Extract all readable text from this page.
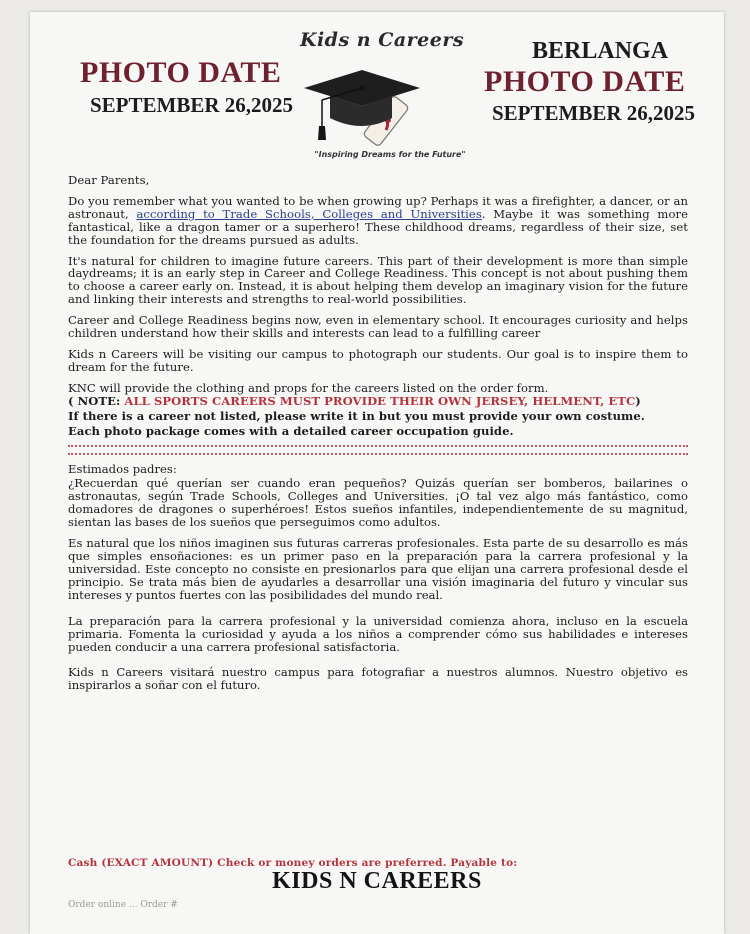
Kids n Careers
PHOTO DATE
SEPTEMBER 26,2025
BERLANGA
PHOTO DATE
SEPTEMBER 26,2025
"Inspiring Dreams for the Future"

Dear Parents,

Do you remember what you wanted to be when growing up? Perhaps it was a firefighter, a dancer, or an astronaut, according to Trade Schools, Colleges and Universities. Maybe it was something more fantastical, like a dragon tamer or a superhero! These childhood dreams, regardless of their size, set the foundation for the dreams pursued as adults.

It's natural for children to imagine future careers. This part of their development is more than simple daydreams; it is an early step in Career and College Readiness. This concept is not about pushing them to choose a career early on. Instead, it is about helping them develop an imaginary vision for the future and linking their interests and strengths to real-world possibilities.

Career and College Readiness begins now, even in elementary school. It encourages curiosity and helps children understand how their skills and interests can lead to a fulfilling career

Kids n Careers will be visiting our campus to photograph our students. Our goal is to inspire them to dream for the future.

KNC will provide the clothing and props for the careers listed on the order form.
( NOTE: ALL SPORTS CAREERS MUST PROVIDE THEIR OWN JERSEY, HELMENT, ETC)

If there is a career not listed, please write it in but you must provide your own costume.

Each photo package comes with a detailed career occupation guide.

Estimados padres:

¿Recuerdan qué querían ser cuando eran pequeños? Quizás querían ser bomberos, bailarines o astronautas, según Trade Schools, Colleges and Universities. ¡O tal vez algo más fantástico, como domadores de dragones o superhéroes! Estos sueños infantiles, independientemente de su magnitud, sientan las bases de los sueños que perseguimos como adultos.

Es natural que los niños imaginen sus futuras carreras profesionales. Esta parte de su desarrollo es más que simples ensoñaciones: es un primer paso en la preparación para la carrera profesional y la universidad. Este concepto no consiste en presionarlos para que elijan una carrera profesional desde el principio. Se trata más bien de ayudarles a desarrollar una visión imaginaria del futuro y vincular sus intereses y puntos fuertes con las posibilidades del mundo real.

La preparación para la carrera profesional y la universidad comienza ahora, incluso en la escuela primaria. Fomenta la curiosidad y ayuda a los niños a comprender cómo sus habilidades e intereses pueden conducir a una carrera profesional satisfactoria.

Kids n Careers visitará nuestro campus para fotografiar a nuestros alumnos. Nuestro objetivo es inspirarlos a soñar con el futuro.

Cash (EXACT AMOUNT) Check or money orders are preferred. Payable to:
KIDS N CAREERS
Order online ... Order #
